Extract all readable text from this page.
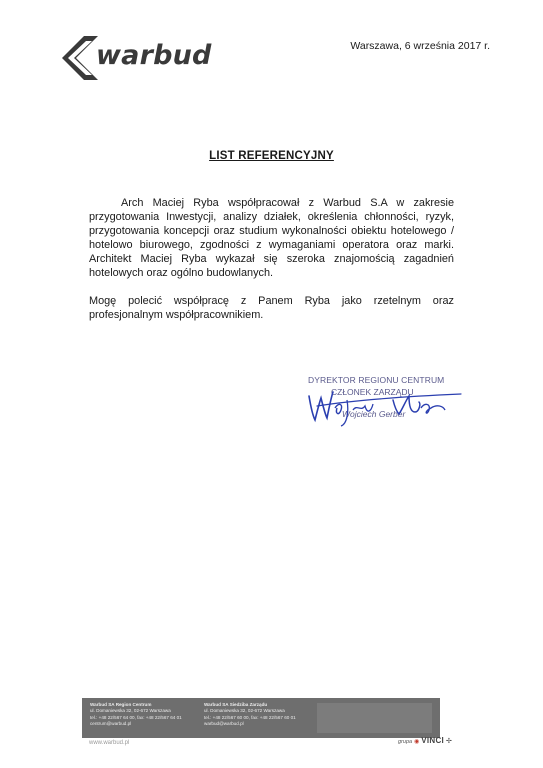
warbud	Warszawa, 6 września 2017 r.
LIST REFERENCYJNY

Arch Maciej Ryba współpracował z Warbud S.A w zakresie przygotowania Inwestycji, analizy działek, określenia chłonności, ryzyk, przygotowania koncepcji oraz studium wykonalności obiektu hotelowego / hotelowo biurowego, zgodności z wymaganiami operatora oraz marki. Architekt Maciej Ryba wykazał się szeroka znajomością zagadnień hotelowych oraz ogólno budowlanych.

Mogę polecić współpracę z Panem Ryba jako rzetelnym oraz profesjonalnym współpracownikiem.

DYREKTOR REGIONU CENTRUM
CZŁONEK ZARZĄDU
Wojciech Gerber
Warbud SA Region Centrum
ul. Domaniewska 32, 02-672 Warszawa
tel.: +48 22/567 64 00, fax: +48 22/567 64 01
centrum@warbud.pl
Warbud SA Siedziba Zarządu
ul. Domaniewska 32, 02-672 Warszawa
tel.: +48 22/567 60 00, fax: +48 22/567 60 01
warbud@warbud.pl
www.warbud.pl	grupa ◉ VINCI ✢
